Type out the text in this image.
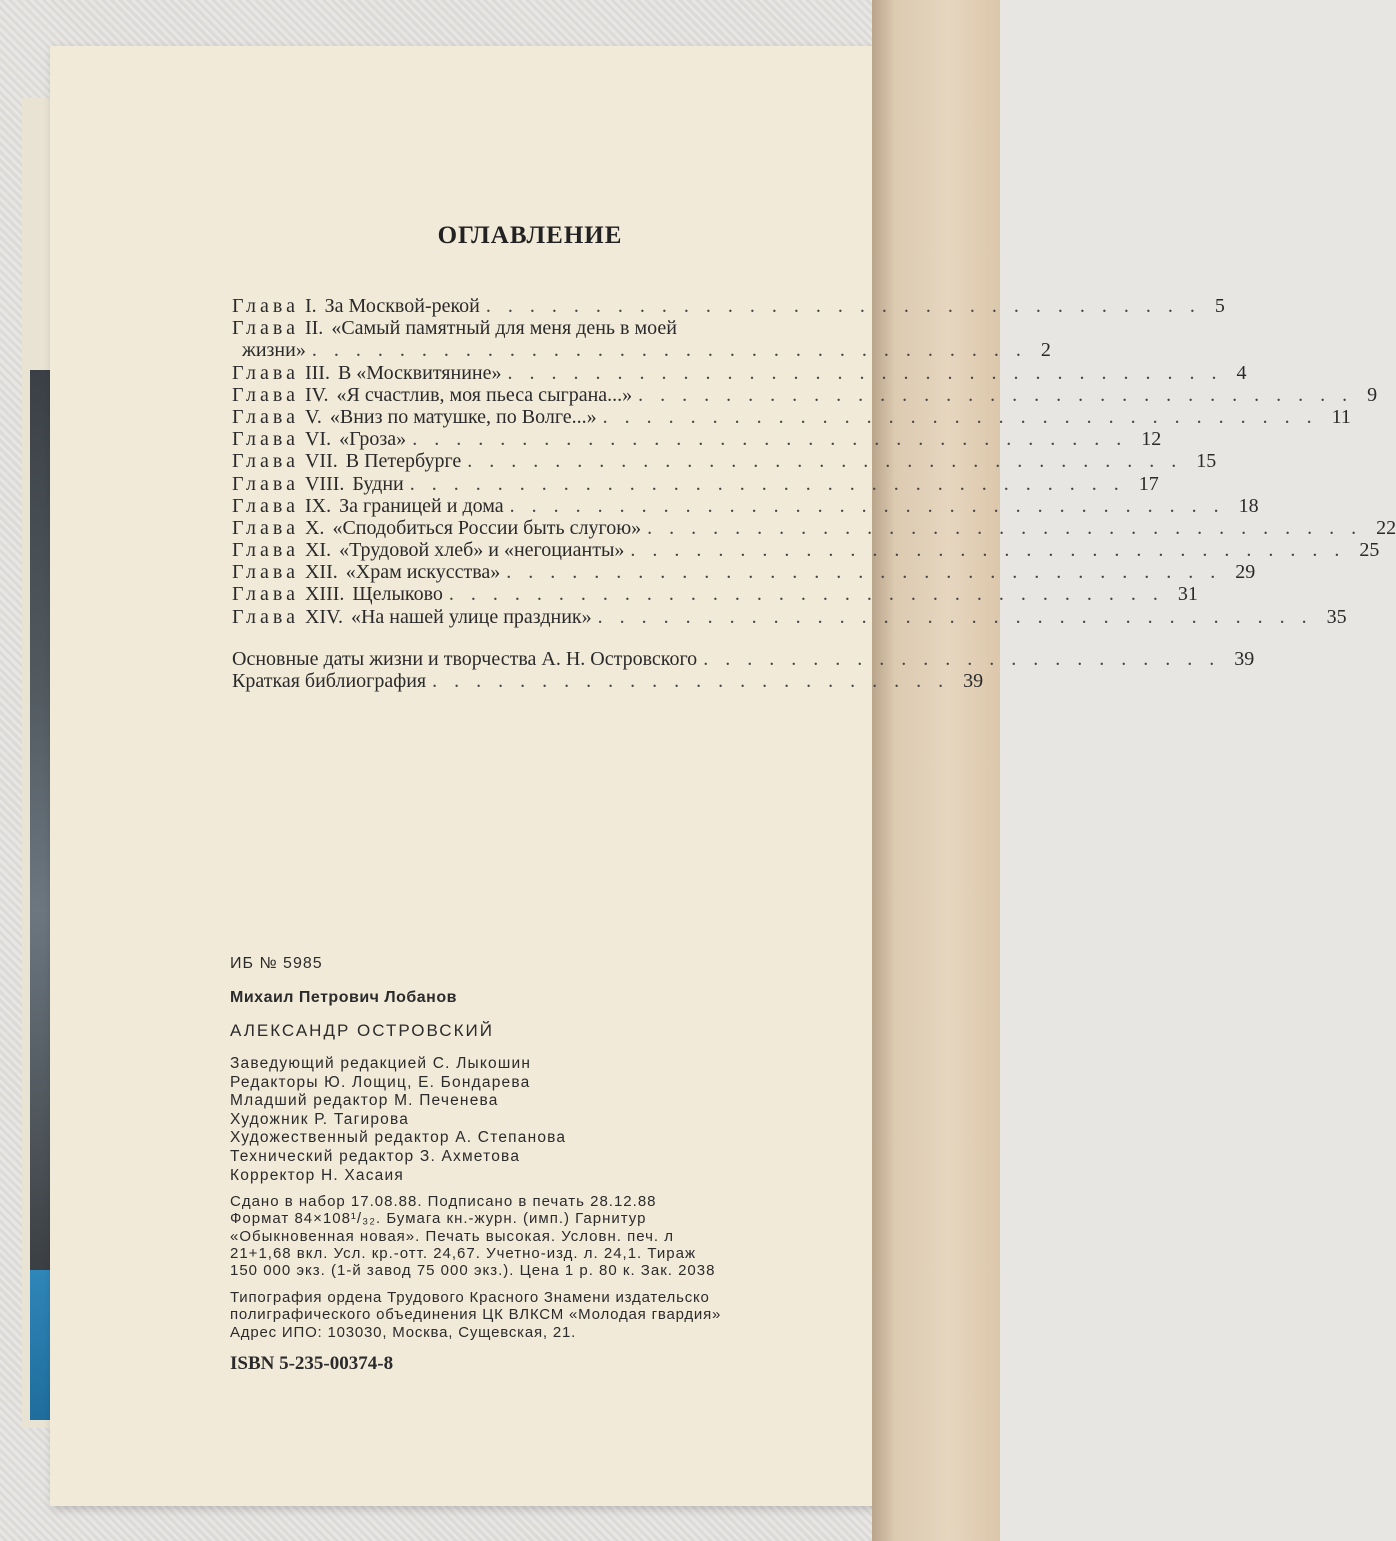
ОГЛАВЛЕНИЕ
Глава I. За Москвой-рекой . . . . . . . . . . . . . . . . . . . . . . . . . . . . . . . . . 5
Глава II. «Самый памятный для меня день в моей
жизни» . . . . . . . . . . . . . . . . . . . . . . . . . . . . . . . . . 2
Глава III. В «Москвитянине» . . . . . . . . . . . . . . . . . . . . . . . . . . . . . . . . . 4
Глава IV. «Я счастлив, моя пьеса сыграна...» . . . . . . . . . . . . . . . . . . . . . . . . . . . . . . . . . 9
Глава V. «Вниз по матушке, по Волге...» . . . . . . . . . . . . . . . . . . . . . . . . . . . . . . . . . 11
Глава VI. «Гроза» . . . . . . . . . . . . . . . . . . . . . . . . . . . . . . . . . 12
Глава VII. В Петербурге . . . . . . . . . . . . . . . . . . . . . . . . . . . . . . . . . 15
Глава VIII. Будни . . . . . . . . . . . . . . . . . . . . . . . . . . . . . . . . . 17
Глава IX. За границей и дома . . . . . . . . . . . . . . . . . . . . . . . . . . . . . . . . . 18
Глава X. «Сподобиться России быть слугою» . . . . . . . . . . . . . . . . . . . . . . . . . . . . . . . . . 22
Глава XI. «Трудовой хлеб» и «негоцианты» . . . . . . . . . . . . . . . . . . . . . . . . . . . . . . . . . 25
Глава XII. «Храм искусства» . . . . . . . . . . . . . . . . . . . . . . . . . . . . . . . . . 29
Глава XIII. Щелыково . . . . . . . . . . . . . . . . . . . . . . . . . . . . . . . . . 31
Глава XIV. «На нашей улице праздник» . . . . . . . . . . . . . . . . . . . . . . . . . . . . . . . . . 35
Основные даты жизни и творчества А. Н. Островского . . . . . . . . . . . . . . . . . . . . . . . . 39
Краткая библиография . . . . . . . . . . . . . . . . . . . . . . . . 39
ИБ № 5985
Михаил Петрович Лобанов
АЛЕКСАНДР ОСТРОВСКИЙ
Заведующий редакцией С. Лыкошин
Редакторы Ю. Лощиц, Е. Бондарева
Младший редактор М. Печенева
Художник Р. Тагирова
Художественный редактор А. Степанова
Технический редактор З. Ахметова
Корректор Н. Хасаия
Сдано в набор 17.08.88. Подписано в печать 28.12.88
Формат 84×108¹/₃₂. Бумага кн.-журн. (имп.) Гарнитур
«Обыкновенная новая». Печать высокая. Условн. печ. л
21+1,68 вкл. Усл. кр.-отт. 24,67. Учетно-изд. л. 24,1. Тираж
150 000 экз. (1-й завод 75 000 экз.). Цена 1 р. 80 к. Зак. 2038
Типография ордена Трудового Красного Знамени издательско
полиграфического объединения ЦК ВЛКСМ «Молодая гвардия»
Адрес ИПО: 103030, Москва, Сущевская, 21.
ISBN 5-235-00374-8
